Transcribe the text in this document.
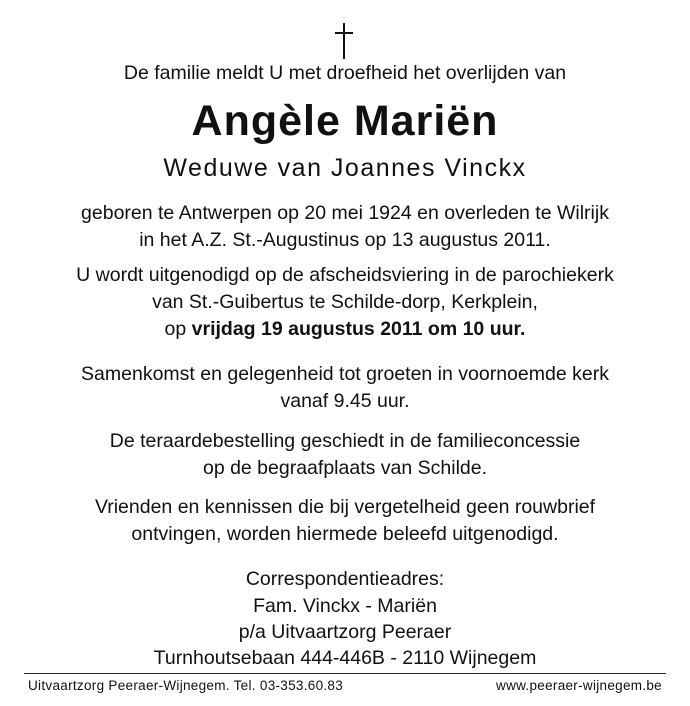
De familie meldt U met droefheid het overlijden van
Angèle Mariën
Weduwe van Joannes Vinckx
geboren te Antwerpen op 20 mei 1924 en overleden te Wilrijk
in het A.Z. St.-Augustinus op 13 augustus 2011.
U wordt uitgenodigd op de afscheidsviering in de parochiekerk
van St.-Guibertus te Schilde-dorp, Kerkplein,
op vrijdag 19 augustus 2011 om 10 uur.
Samenkomst en gelegenheid tot groeten in voornoemde kerk
vanaf 9.45 uur.
De teraardebestelling geschiedt in de familieconcessie
op de begraafplaats van Schilde.
Vrienden en kennissen die bij vergetelheid geen rouwbrief
ontvingen, worden hiermede beleefd uitgenodigd.
Correspondentieadres:
Fam. Vinckx - Mariën
p/a Uitvaartzorg Peeraer
Turnhoutsebaan 444-446B - 2110 Wijnegem
Uitvaartzorg Peeraer-Wijnegem. Tel. 03-353.60.83	www.peeraer-wijnegem.be
